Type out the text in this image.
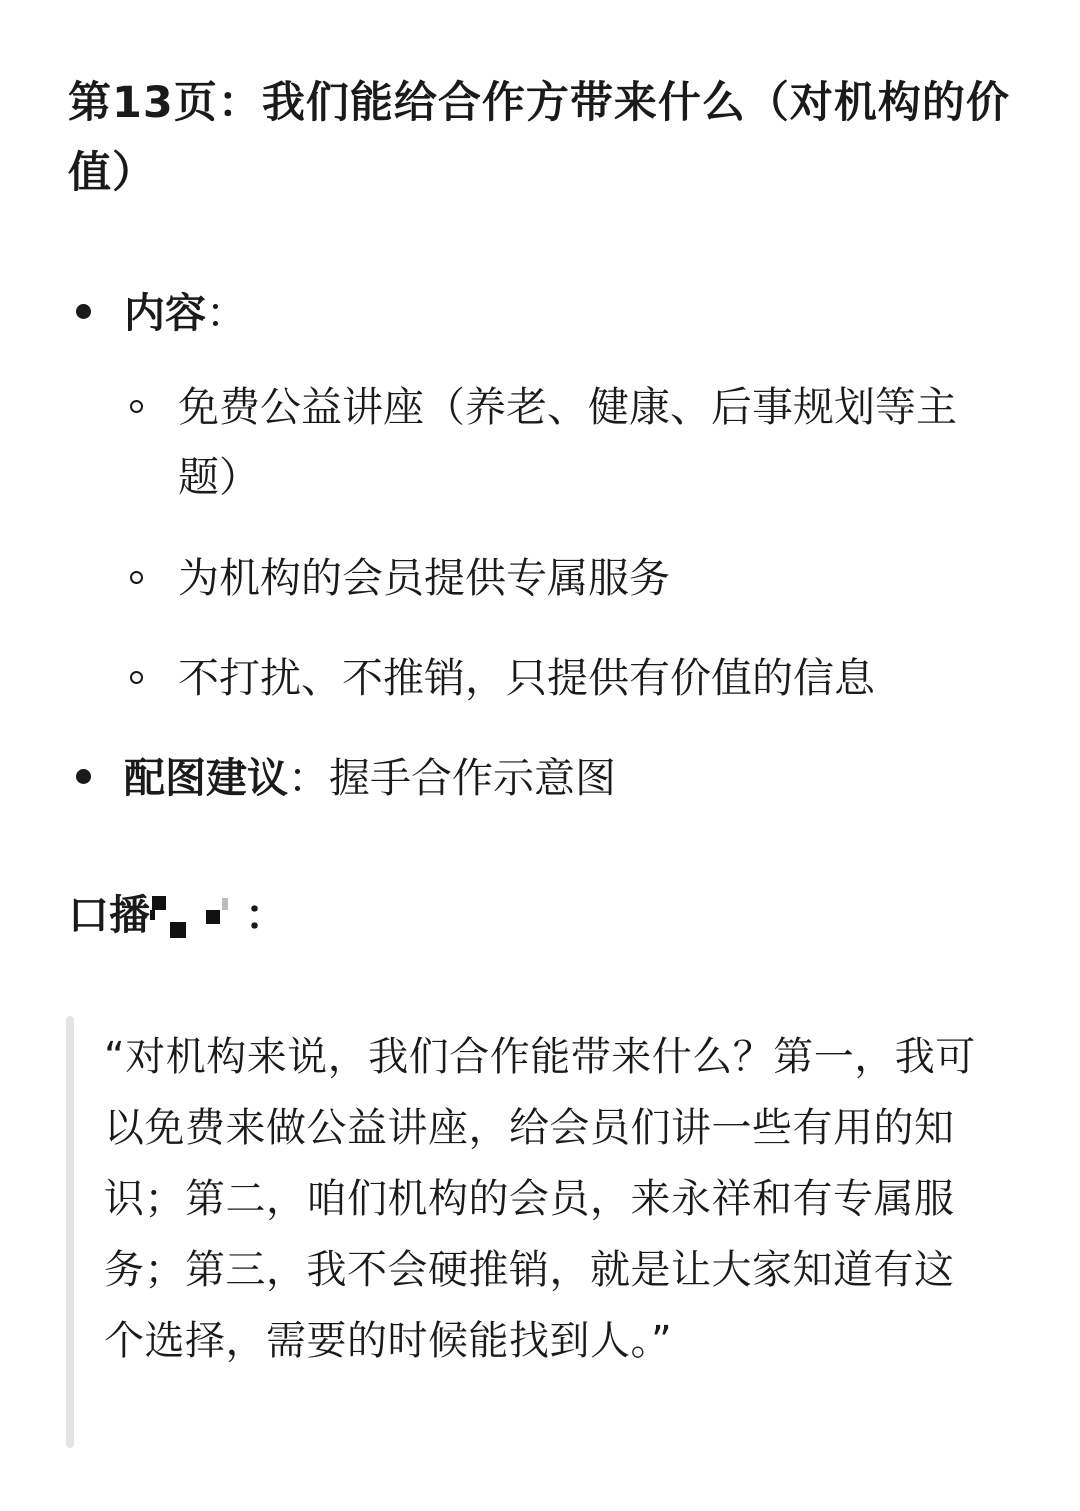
第13页：我们能给合作方带来什么（对机构的价值）
内容：
免费公益讲座（养老、健康、后事规划等主题）
为机构的会员提供专属服务
不打扰、不推销，只提供有价值的信息
配图建议：握手合作示意图
口播 ：

“对机构来说，我们合作能带来什么？第一，我可以免费来做公益讲座，给会员们讲一些有用的知识；第二，咱们机构的会员，来永祥和有专属服务；第三，我不会硬推销，就是让大家知道有这个选择，需要的时候能找到人。”
